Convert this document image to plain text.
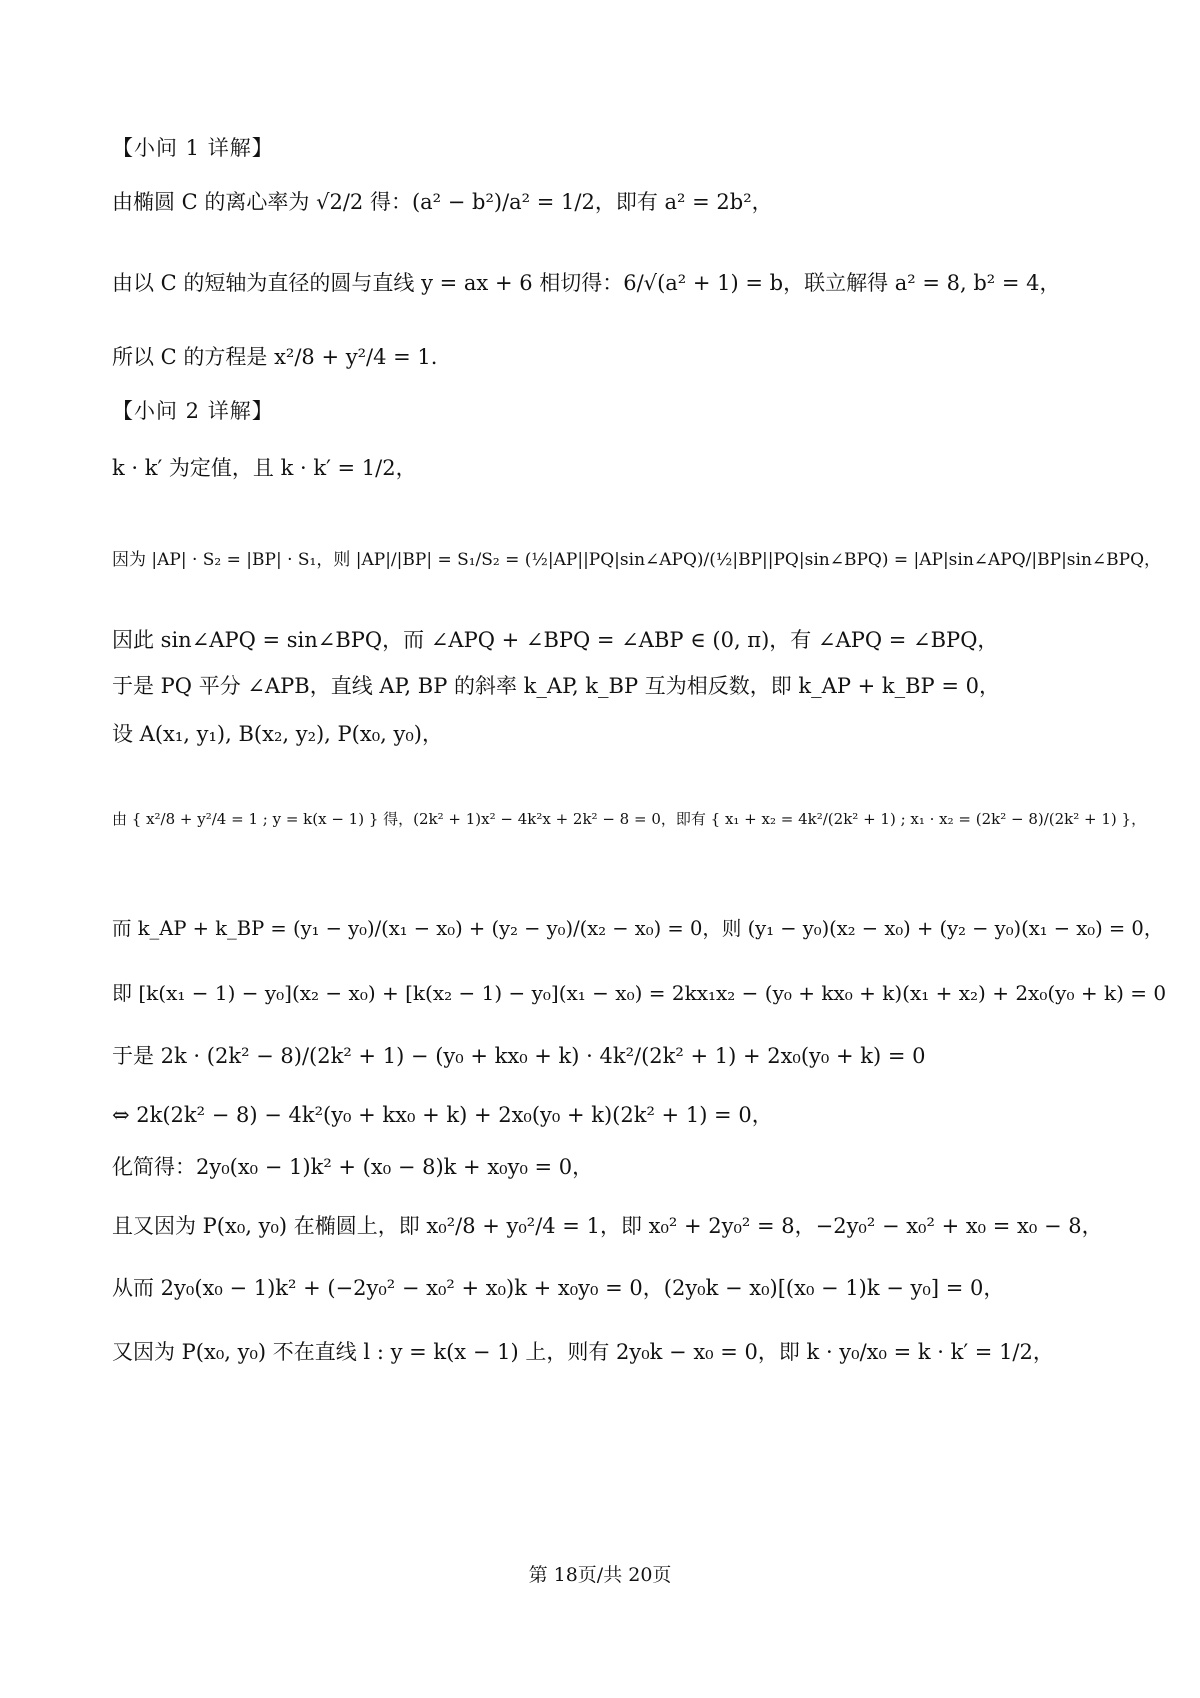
【小问 1 详解】
由椭圆 C 的离心率为 √2/2 得：(a² − b²)/a² = 1/2，即有 a² = 2b²，
由以 C 的短轴为直径的圆与直线 y = ax + 6 相切得：6/√(a² + 1) = b，联立解得 a² = 8, b² = 4，
所以 C 的方程是 x²/8 + y²/4 = 1.
【小问 2 详解】
k · k′ 为定值，且 k · k′ = 1/2，
因为 |AP| · S₂ = |BP| · S₁，则 |AP|/|BP| = S₁/S₂ = (½|AP||PQ|sin∠APQ)/(½|BP||PQ|sin∠BPQ) = |AP|sin∠APQ/|BP|sin∠BPQ，
因此 sin∠APQ = sin∠BPQ，而 ∠APQ + ∠BPQ = ∠ABP ∈ (0, π)，有 ∠APQ = ∠BPQ，
于是 PQ 平分 ∠APB，直线 AP, BP 的斜率 k_AP, k_BP 互为相反数，即 k_AP + k_BP = 0，
设 A(x₁, y₁), B(x₂, y₂), P(x₀, y₀)，
由 { x²/8 + y²/4 = 1 ; y = k(x − 1) } 得，(2k² + 1)x² − 4k²x + 2k² − 8 = 0，即有 { x₁ + x₂ = 4k²/(2k² + 1) ; x₁ · x₂ = (2k² − 8)/(2k² + 1) }，
而 k_AP + k_BP = (y₁ − y₀)/(x₁ − x₀) + (y₂ − y₀)/(x₂ − x₀) = 0，则 (y₁ − y₀)(x₂ − x₀) + (y₂ − y₀)(x₁ − x₀) = 0，
即 [k(x₁ − 1) − y₀](x₂ − x₀) + [k(x₂ − 1) − y₀](x₁ − x₀) = 2kx₁x₂ − (y₀ + kx₀ + k)(x₁ + x₂) + 2x₀(y₀ + k) = 0
于是 2k · (2k² − 8)/(2k² + 1) − (y₀ + kx₀ + k) · 4k²/(2k² + 1) + 2x₀(y₀ + k) = 0
⇔ 2k(2k² − 8) − 4k²(y₀ + kx₀ + k) + 2x₀(y₀ + k)(2k² + 1) = 0，
化简得：2y₀(x₀ − 1)k² + (x₀ − 8)k + x₀y₀ = 0，
且又因为 P(x₀, y₀) 在椭圆上，即 x₀²/8 + y₀²/4 = 1，即 x₀² + 2y₀² = 8，−2y₀² − x₀² + x₀ = x₀ − 8，
从而 2y₀(x₀ − 1)k² + (−2y₀² − x₀² + x₀)k + x₀y₀ = 0，(2y₀k − x₀)[(x₀ − 1)k − y₀] = 0，
又因为 P(x₀, y₀) 不在直线 l : y = k(x − 1) 上，则有 2y₀k − x₀ = 0，即 k · y₀/x₀ = k · k′ = 1/2，
第 18页/共 20页
